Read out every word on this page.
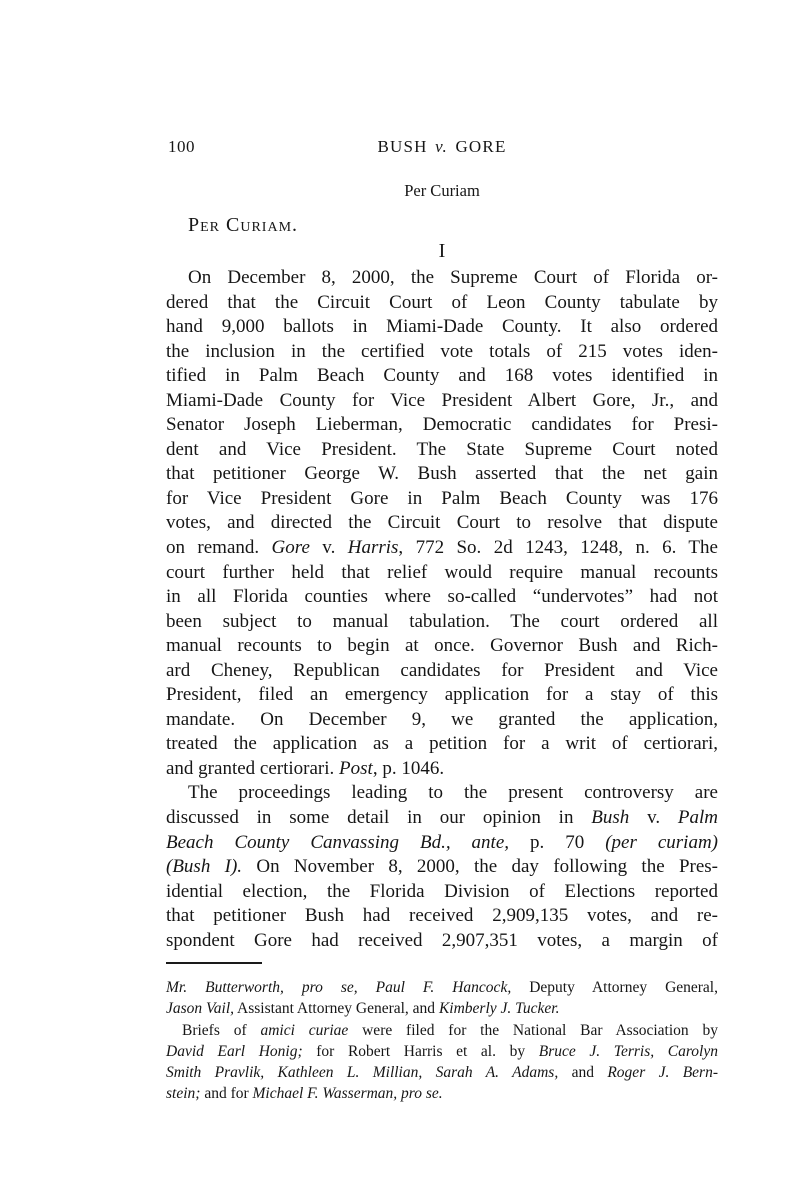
100	BUSH v. GORE
Per Curiam
Per Curiam.
I
On December 8, 2000, the Supreme Court of Florida or-
dered that the Circuit Court of Leon County tabulate by
hand 9,000 ballots in Miami-Dade County. It also ordered
the inclusion in the certified vote totals of 215 votes iden-
tified in Palm Beach County and 168 votes identified in
Miami-Dade County for Vice President Albert Gore, Jr., and
Senator Joseph Lieberman, Democratic candidates for Presi-
dent and Vice President. The State Supreme Court noted
that petitioner George W. Bush asserted that the net gain
for Vice President Gore in Palm Beach County was 176
votes, and directed the Circuit Court to resolve that dispute
on remand. Gore v. Harris, 772 So. 2d 1243, 1248, n. 6. The
court further held that relief would require manual recounts
in all Florida counties where so-called “undervotes” had not
been subject to manual tabulation. The court ordered all
manual recounts to begin at once. Governor Bush and Rich-
ard Cheney, Republican candidates for President and Vice
President, filed an emergency application for a stay of this
mandate. On December 9, we granted the application,
treated the application as a petition for a writ of certiorari,
and granted certiorari. Post, p. 1046.
The proceedings leading to the present controversy are
discussed in some detail in our opinion in Bush v. Palm
Beach County Canvassing Bd., ante, p. 70 (per curiam)
(Bush I). On November 8, 2000, the day following the Pres-
idential election, the Florida Division of Elections reported
that petitioner Bush had received 2,909,135 votes, and re-
spondent Gore had received 2,907,351 votes, a margin of
Mr. Butterworth, pro se, Paul F. Hancock, Deputy Attorney General,
Jason Vail, Assistant Attorney General, and Kimberly J. Tucker.
Briefs of amici curiae were filed for the National Bar Association by
David Earl Honig; for Robert Harris et al. by Bruce J. Terris, Carolyn
Smith Pravlik, Kathleen L. Millian, Sarah A. Adams, and Roger J. Bern-
stein; and for Michael F. Wasserman, pro se.
